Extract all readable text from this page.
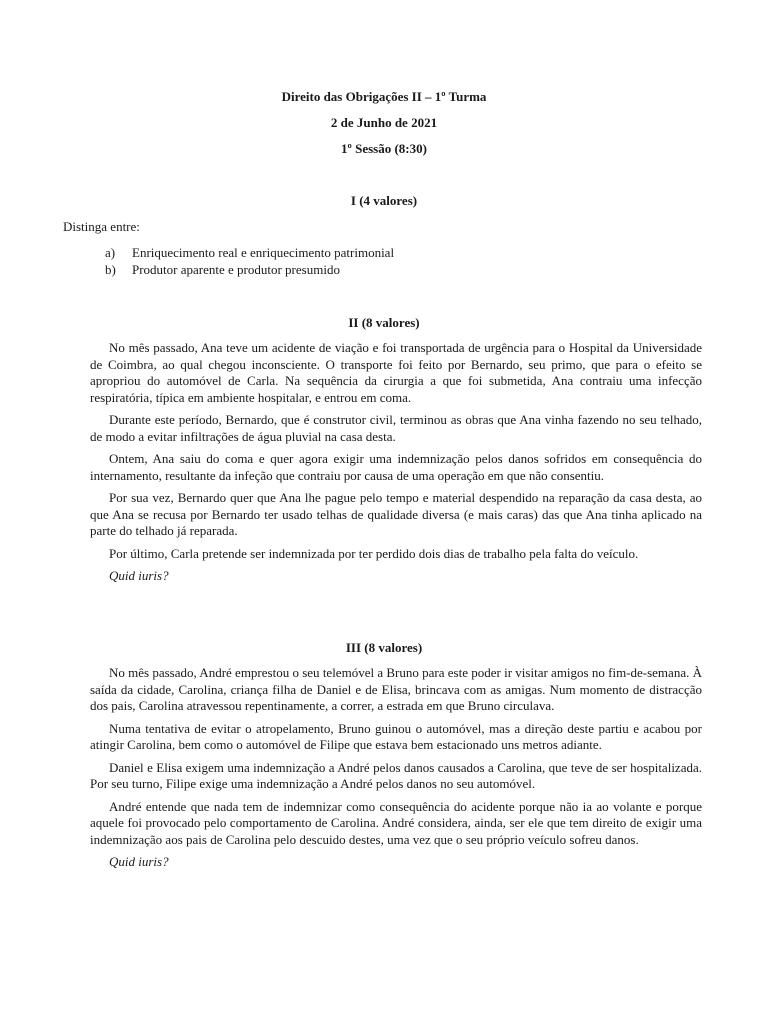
Direito das Obrigações II – 1º Turma
2 de Junho de 2021
1º Sessão (8:30)
I (4 valores)

Distinga entre:

a) Enriquecimento real e enriquecimento patrimonial
b) Produtor aparente e produtor presumido
II (8 valores)

No mês passado, Ana teve um acidente de viação e foi transportada de urgência para o Hospital da Universidade de Coimbra, ao qual chegou inconsciente. O transporte foi feito por Bernardo, seu primo, que para o efeito se apropriou do automóvel de Carla. Na sequência da cirurgia a que foi submetida, Ana contraiu uma infecção respiratória, típica em ambiente hospitalar, e entrou em coma.

Durante este período, Bernardo, que é construtor civil, terminou as obras que Ana vinha fazendo no seu telhado, de modo a evitar infiltrações de água pluvial na casa desta.

Ontem, Ana saiu do coma e quer agora exigir uma indemnização pelos danos sofridos em consequência do internamento, resultante da infeção que contraiu por causa de uma operação em que não consentiu.

Por sua vez, Bernardo quer que Ana lhe pague pelo tempo e material despendido na reparação da casa desta, ao que Ana se recusa por Bernardo ter usado telhas de qualidade diversa (e mais caras) das que Ana tinha aplicado na parte do telhado já reparada.

Por último, Carla pretende ser indemnizada por ter perdido dois dias de trabalho pela falta do veículo.

Quid iuris?

III (8 valores)

No mês passado, André emprestou o seu telemóvel a Bruno para este poder ir visitar amigos no fim-de-semana. À saída da cidade, Carolina, criança filha de Daniel e de Elisa, brincava com as amigas. Num momento de distracção dos pais, Carolina atravessou repentinamente, a correr, a estrada em que Bruno circulava.

Numa tentativa de evitar o atropelamento, Bruno guinou o automóvel, mas a direção deste partiu e acabou por atingir Carolina, bem como o automóvel de Filipe que estava bem estacionado uns metros adiante.

Daniel e Elisa exigem uma indemnização a André pelos danos causados a Carolina, que teve de ser hospitalizada. Por seu turno, Filipe exige uma indemnização a André pelos danos no seu automóvel.

André entende que nada tem de indemnizar como consequência do acidente porque não ia ao volante e porque aquele foi provocado pelo comportamento de Carolina. André considera, ainda, ser ele que tem direito de exigir uma indemnização aos pais de Carolina pelo descuido destes, uma vez que o seu próprio veículo sofreu danos.

Quid iuris?
